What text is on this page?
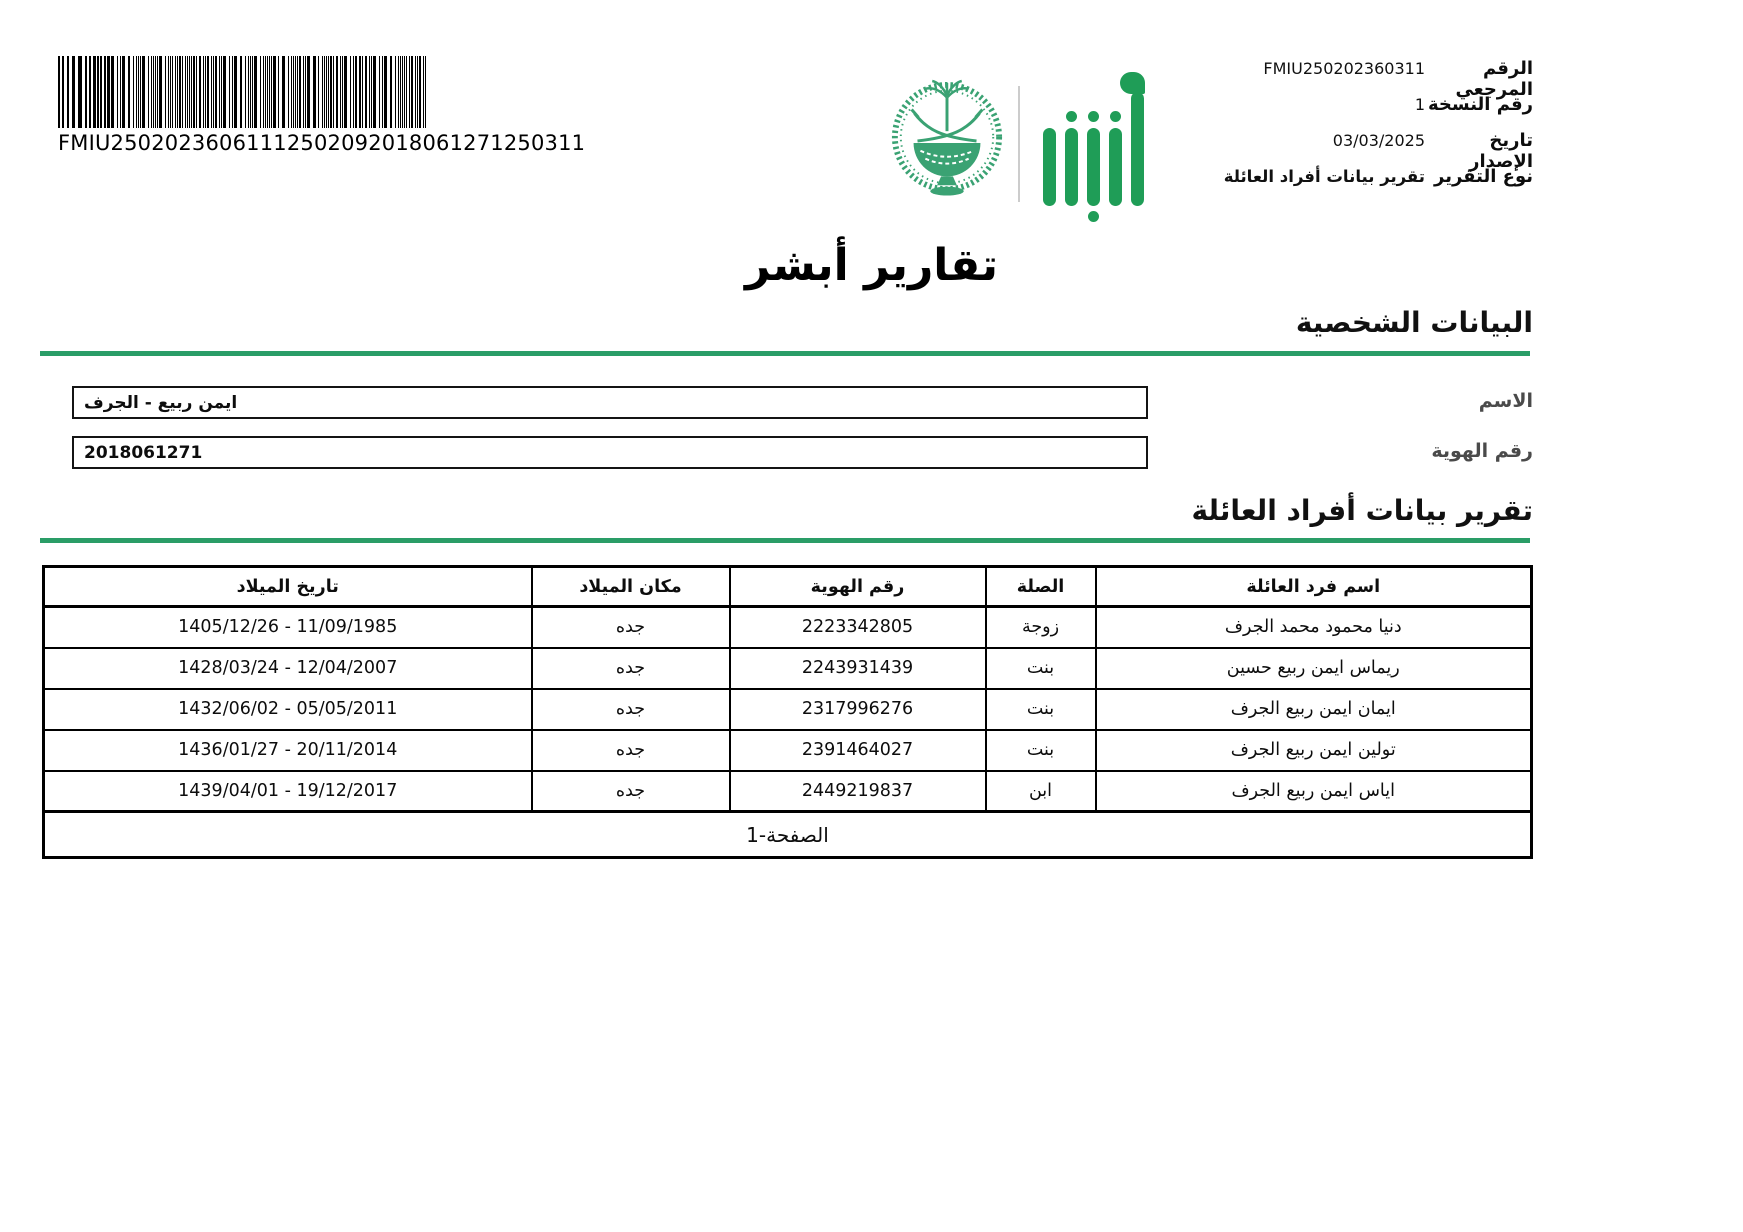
FMIU25020236061112502092018061271250311
الرقم المرجعي
FMIU250202360311
رقم النسخة
1
تاريخ الإصدار
03/03/2025
نوع التقرير
تقرير بيانات أفراد العائلة
تقارير أبشر
البيانات الشخصية
الاسم
ايمن ربيع - الجرف
رقم الهوية
2018061271
تقرير بيانات أفراد العائلة
اسم فرد العائلة	الصلة	رقم الهوية	مكان الميلاد	تاريخ الميلاد
دنيا محمود محمد الجرف	زوجة	2223342805	جده	1405/12/26 - 11/09/1985
ريماس ايمن ربيع حسين	بنت	2243931439	جده	1428/03/24 - 12/04/2007
ايمان ايمن ربيع الجرف	بنت	2317996276	جده	1432/06/02 - 05/05/2011
تولين ايمن ربيع الجرف	بنت	2391464027	جده	1436/01/27 - 20/11/2014
اياس ايمن ربيع الجرف	ابن	2449219837	جده	1439/04/01 - 19/12/2017
الصفحة-1				
